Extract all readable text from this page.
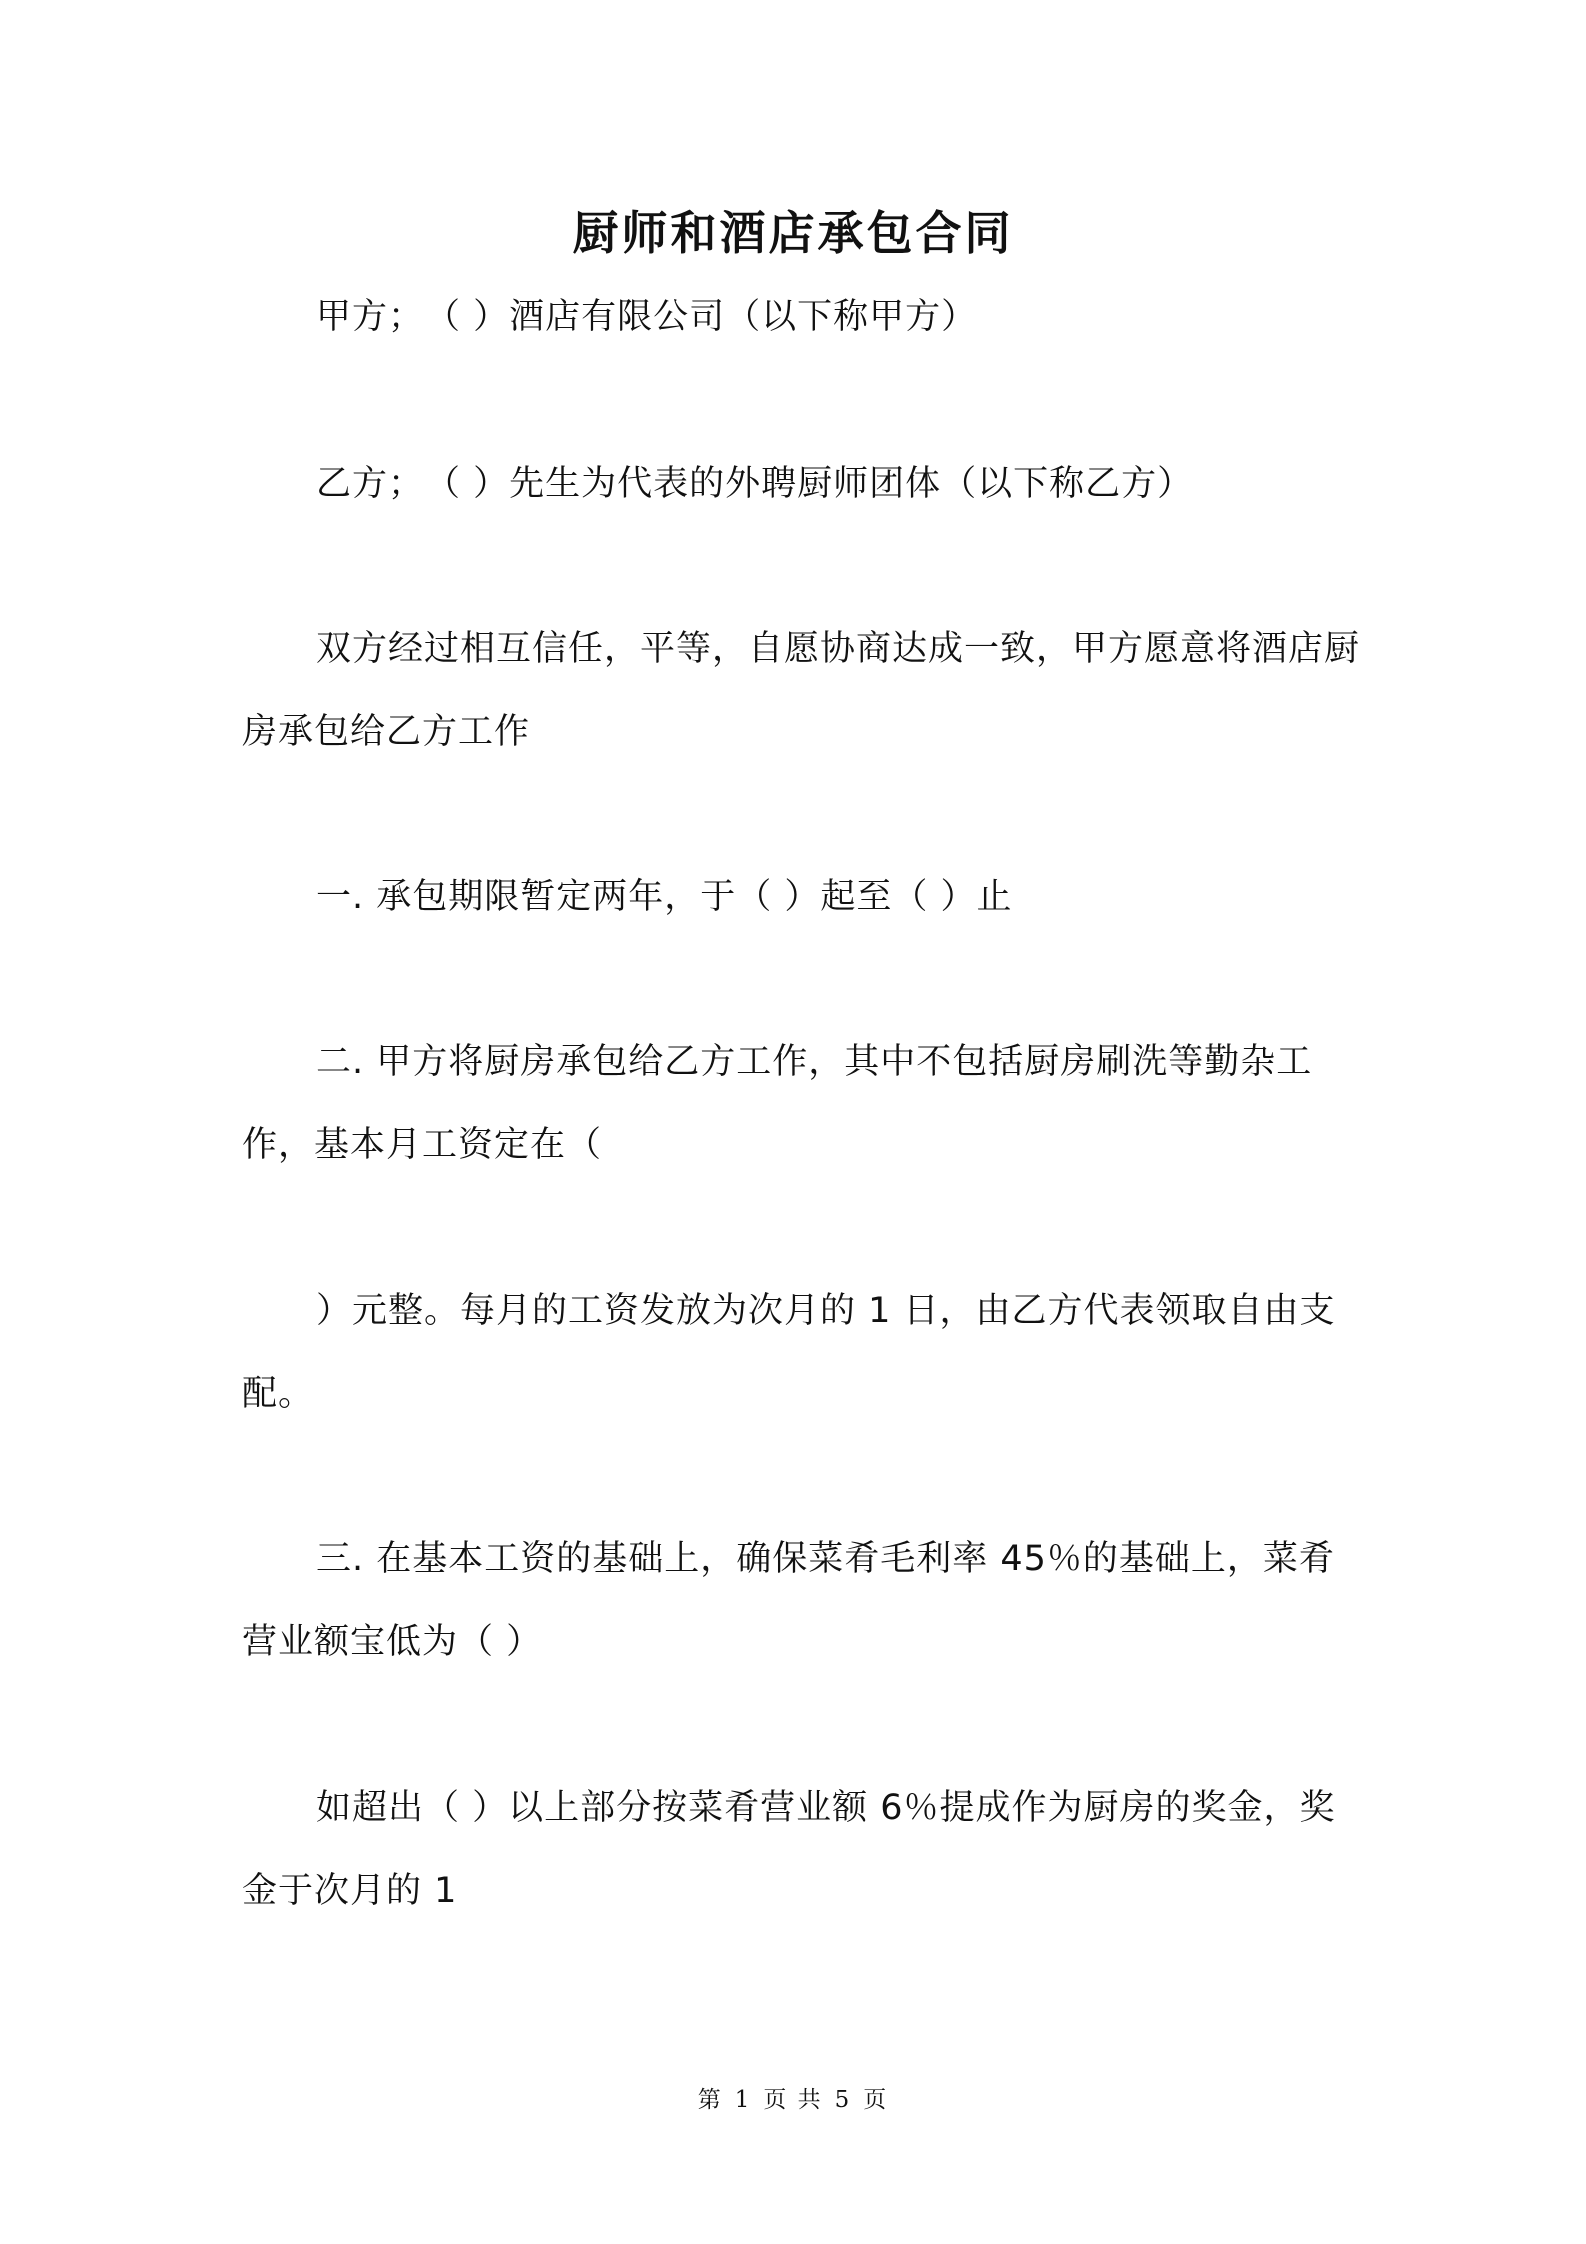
厨师和酒店承包合同
甲方；　（ ）酒店有限公司（以下称甲方）
乙方；　（ ）先生为代表的外聘厨师团体（以下称乙方）
双方经过相互信任，平等，自愿协商达成一致，甲方愿意将酒店厨房承包给乙方工作
一. 承包期限暂定两年，于（ ）起至（ ）止
二. 甲方将厨房承包给乙方工作，其中不包括厨房刷洗等勤杂工作，基本月工资定在（
）元整。每月的工资发放为次月的 1 日，由乙方代表领取自由支配。
三. 在基本工资的基础上，确保菜肴毛利率 45％的基础上，菜肴营业额宝低为（ ）
如超出（ ）以上部分按菜肴营业额 6％提成作为厨房的奖金，奖金于次月的 1
第 1 页 共 5 页
